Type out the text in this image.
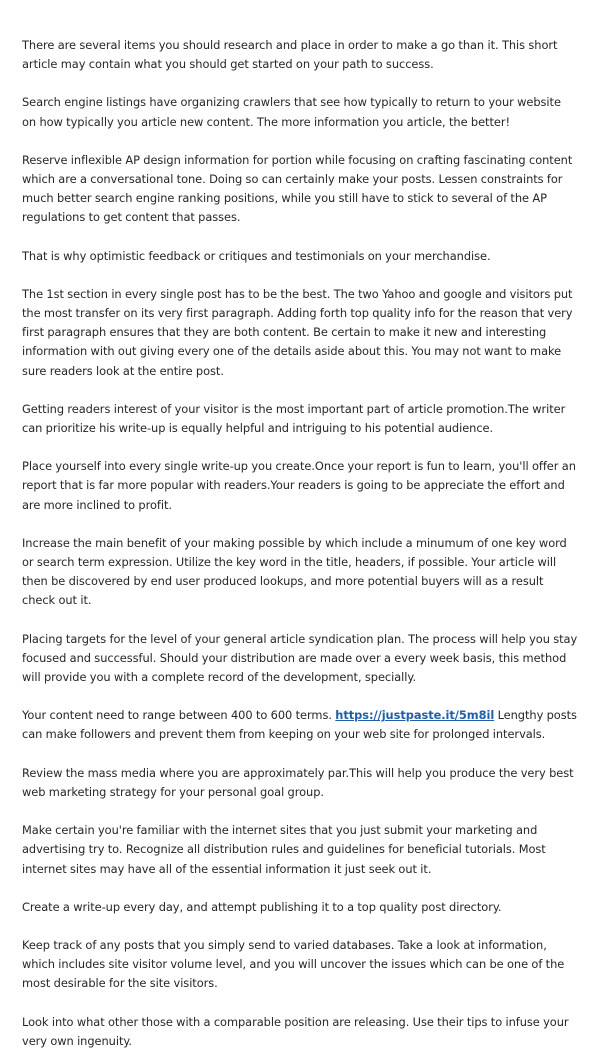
There are several items you should research and place in order to make a go than it. This short article may contain what you should get started on your path to success.

Search engine listings have organizing crawlers that see how typically to return to your website on how typically you article new content. The more information you article, the better!

Reserve inflexible AP design information for portion while focusing on crafting fascinating content which are a conversational tone. Doing so can certainly make your posts. Lessen constraints for much better search engine ranking positions, while you still have to stick to several of the AP regulations to get content that passes.

That is why optimistic feedback or critiques and testimonials on your merchandise.

The 1st section in every single post has to be the best. The two Yahoo and google and visitors put the most transfer on its very first paragraph. Adding forth top quality info for the reason that very first paragraph ensures that they are both content. Be certain to make it new and interesting information with out giving every one of the details aside about this. You may not want to make sure readers look at the entire post.

Getting readers interest of your visitor is the most important part of article promotion.The writer can prioritize his write-up is equally helpful and intriguing to his potential audience.

Place yourself into every single write-up you create.Once your report is fun to learn, you'll offer an report that is far more popular with readers.Your readers is going to be appreciate the effort and are more inclined to profit.

Increase the main benefit of your making possible by which include a minumum of one key word or search term expression. Utilize the key word in the title, headers, if possible. Your article will then be discovered by end user produced lookups, and more potential buyers will as a result check out it.

Placing targets for the level of your general article syndication plan. The process will help you stay focused and successful. Should your distribution are made over a every week basis, this method will provide you with a complete record of the development, specially.

Your content need to range between 400 to 600 terms. https://justpaste.it/5m8il Lengthy posts can make followers and prevent them from keeping on your web site for prolonged intervals.

Review the mass media where you are approximately par.This will help you produce the very best web marketing strategy for your personal goal group.

Make certain you're familiar with the internet sites that you just submit your marketing and advertising try to. Recognize all distribution rules and guidelines for beneficial tutorials. Most internet sites may have all of the essential information it just seek out it.

Create a write-up every day, and attempt publishing it to a top quality post directory.

Keep track of any posts that you simply send to varied databases. Take a look at information, which includes site visitor volume level, and you will uncover the issues which can be one of the most desirable for the site visitors.

Look into what other those with a comparable position are releasing. Use their tips to infuse your very own ingenuity.
